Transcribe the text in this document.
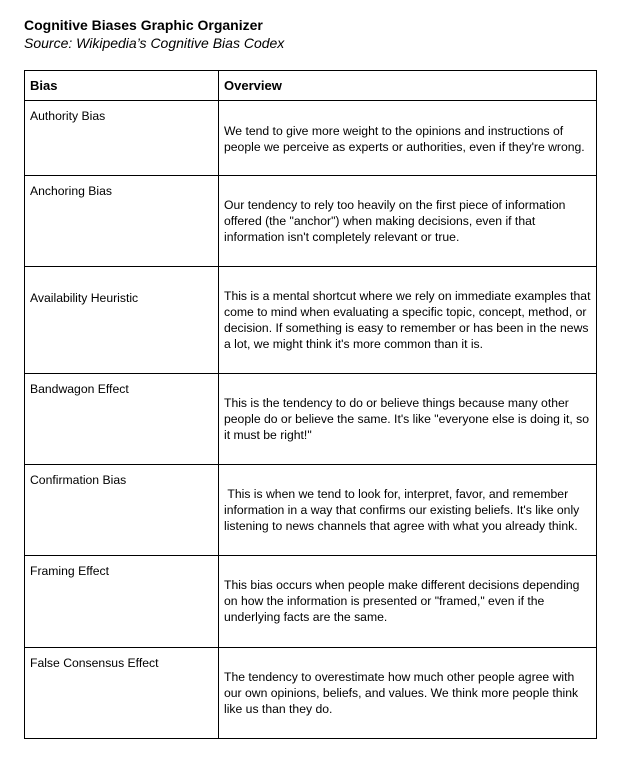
Cognitive Biases Graphic Organizer
Source: Wikipedia’s Cognitive Bias Codex
Bias	Overview

Authority Bias	We tend to give more weight to the opinions and instructions of people we perceive as experts or authorities, even if they're wrong.

Anchoring Bias	Our tendency to rely too heavily on the first piece of information offered (the "anchor") when making decisions, even if that information isn't completely relevant or true.

Availability Heuristic	This is a mental shortcut where we rely on immediate examples that come to mind when evaluating a specific topic, concept, method, or decision. If something is easy to remember or has been in the news a lot, we might think it's more common than it is.

Bandwagon Effect	This is the tendency to do or believe things because many other people do or believe the same. It's like "everyone else is doing it, so it must be right!"

Confirmation Bias	This is when we tend to look for, interpret, favor, and remember information in a way that confirms our existing beliefs. It's like only listening to news channels that agree with what you already think.

Framing Effect	This bias occurs when people make different decisions depending on how the information is presented or "framed," even if the underlying facts are the same.

False Consensus Effect	The tendency to overestimate how much other people agree with our own opinions, beliefs, and values. We think more people think like us than they do.
